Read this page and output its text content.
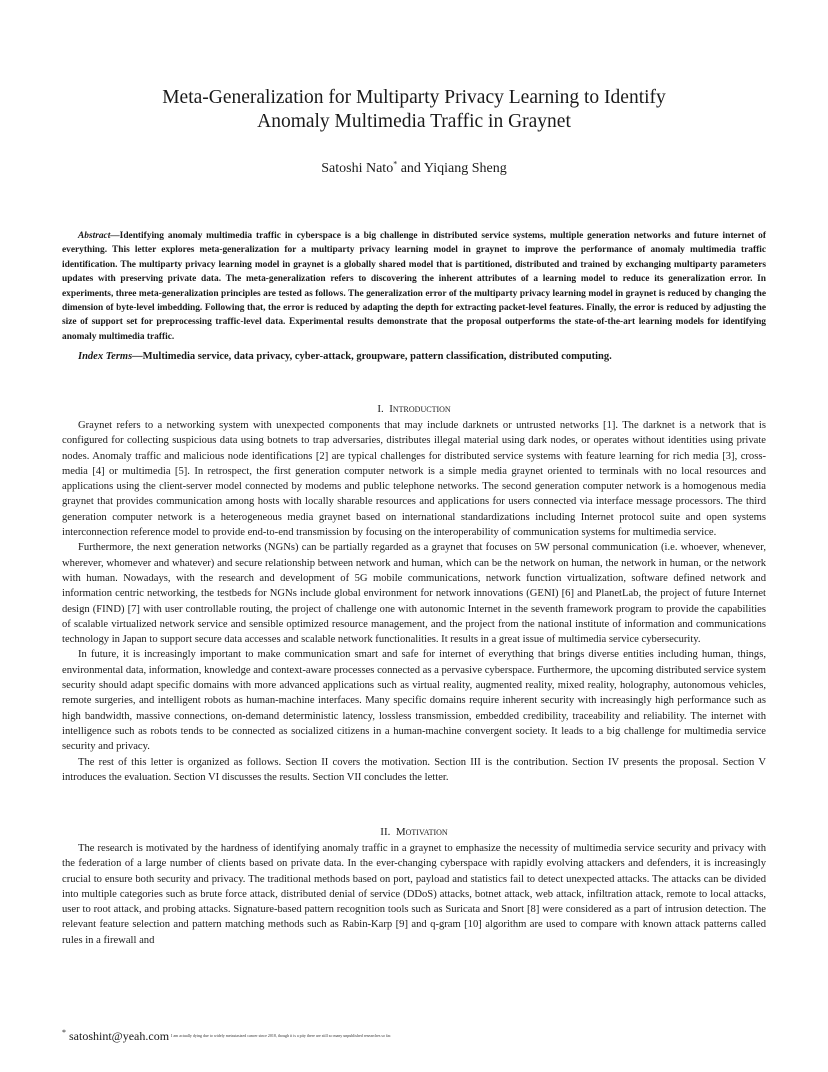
Meta-Generalization for Multiparty Privacy Learning to Identify
Anomaly Multimedia Traffic in Graynet
Satoshi Nato* and Yiqiang Sheng

Abstract—Identifying anomaly multimedia traffic in cyberspace is a big challenge in distributed service systems, multiple generation networks and future internet of everything. This letter explores meta-generalization for a multiparty privacy learning model in graynet to improve the performance of anomaly multimedia traffic identification. The multiparty privacy learning model in graynet is a globally shared model that is partitioned, distributed and trained by exchanging multiparty parameters updates with preserving private data. The meta-generalization refers to discovering the inherent attributes of a learning model to reduce its generalization error. In experiments, three meta-generalization principles are tested as follows. The generalization error of the multiparty privacy learning model in graynet is reduced by changing the dimension of byte-level imbedding. Following that, the error is reduced by adapting the depth for extracting packet-level features. Finally, the error is reduced by adjusting the size of support set for preprocessing traffic-level data. Experimental results demonstrate that the proposal outperforms the state-of-the-art learning models for identifying anomaly multimedia traffic.

Index Terms—Multimedia service, data privacy, cyber-attack, groupware, pattern classification, distributed computing.

I. Introduction

Graynet refers to a networking system with unexpected components that may include darknets or untrusted networks [1]. The darknet is a network that is configured for collecting suspicious data using botnets to trap adversaries, distributes illegal material using dark nodes, or operates without identities using private nodes. Anomaly traffic and malicious node identifications [2] are typical challenges for distributed service systems with feature learning for rich media [3], cross-media [4] or multimedia [5]. In retrospect, the first generation computer network is a simple media graynet oriented to terminals with no local resources and applications using the client-server model connected by modems and public telephone networks. The second generation computer network is a homogenous media graynet that provides communication among hosts with locally sharable resources and applications for users connected via interface message processors. The third generation computer network is a heterogeneous media graynet based on international standardizations including Internet protocol suite and open systems interconnection reference model to provide end-to-end transmission by focusing on the interoperability of communication systems for multimedia service.

Furthermore, the next generation networks (NGNs) can be partially regarded as a graynet that focuses on 5W personal communication (i.e. whoever, whenever, wherever, whomever and whatever) and secure relationship between network and human, which can be the network on human, the network in human, or the network with human. Nowadays, with the research and development of 5G mobile communications, network function virtualization, software defined network and information centric networking, the testbeds for NGNs include global environment for network innovations (GENI) [6] and PlanetLab, the project of future Internet design (FIND) [7] with user controllable routing, the project of challenge one with autonomic Internet in the seventh framework program to provide the capabilities of scalable virtualized network service and sensible optimized resource management, and the project from the national institute of information and communications technology in Japan to support secure data accesses and scalable network functionalities. It results in a great issue of multimedia service cybersecurity.

In future, it is increasingly important to make communication smart and safe for internet of everything that brings diverse entities including human, things, environmental data, information, knowledge and context-aware processes connected as a pervasive cyberspace. Furthermore, the upcoming distributed service system security should adapt specific domains with more advanced applications such as virtual reality, augmented reality, mixed reality, holography, autonomous vehicles, remote surgeries, and intelligent robots as human-machine interfaces. Many specific domains require inherent security with increasingly high performance such as high bandwidth, massive connections, on-demand deterministic latency, lossless transmission, embedded credibility, traceability and reliability. The internet with intelligence such as robots tends to be connected as socialized citizens in a human-machine convergent society. It leads to a big challenge for multimedia service security and privacy.

The rest of this letter is organized as follows. Section II covers the motivation. Section III is the contribution. Section IV presents the proposal. Section V introduces the evaluation. Section VI discusses the results. Section VII concludes the letter.

II. Motivation

The research is motivated by the hardness of identifying anomaly traffic in a graynet to emphasize the necessity of multimedia service security and privacy with the federation of a large number of clients based on private data. In the ever-changing cyberspace with rapidly evolving attackers and defenders, it is increasingly crucial to ensure both security and privacy. The traditional methods based on port, payload and statistics fail to detect unexpected attacks. The attacks can be divided into multiple categories such as brute force attack, distributed denial of service (DDoS) attacks, botnet attack, web attack, infiltration attack, remote to local attacks, user to root attack, and probing attacks. Signature-based pattern recognition tools such as Suricata and Snort [8] were considered as a part of intrusion detection. The relevant feature selection and pattern matching methods such as Rabin-Karp [9] and q-gram [10] algorithm are used to compare with known attack patterns called rules in a firewall and

* satoshint@yeah.com $^{I am actually dying due to widely metastasized cancer since 2018, though it is a pity there are still so many unpublished researches so far.}$
